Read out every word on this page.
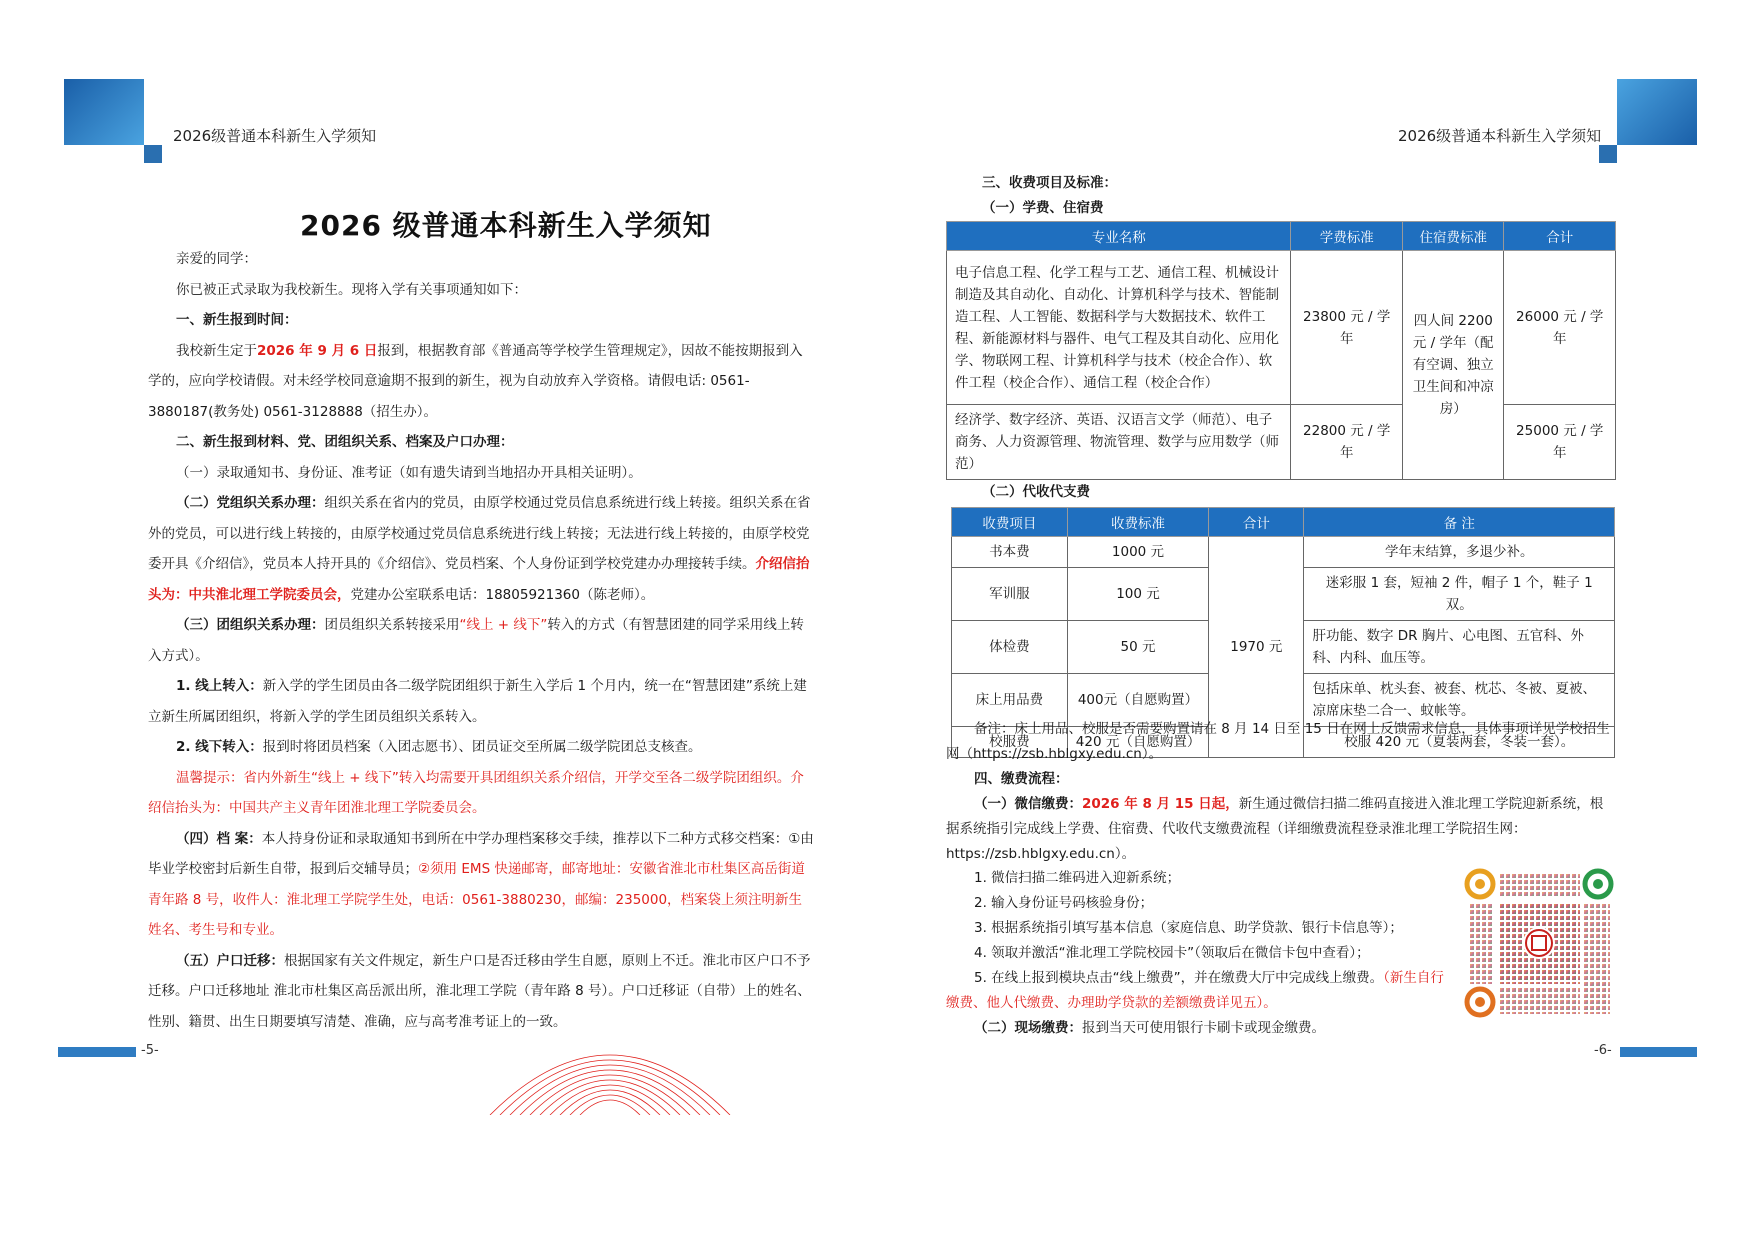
2026级普通本科新生入学须知	2026级普通本科新生入学须知
2026 级普通本科新生入学须知

亲爱的同学：

你已被正式录取为我校新生。现将入学有关事项通知如下：

一、新生报到时间：

我校新生定于2026 年 9 月 6 日报到，根据教育部《普通高等学校学生管理规定》，因故不能按期报到入学的，应向学校请假。对未经学校同意逾期不报到的新生，视为自动放弃入学资格。请假电话: 0561-3880187(教务处) 0561-3128888（招生办）。

二、新生报到材料、党、团组织关系、档案及户口办理：

（一）录取通知书、身份证、准考证（如有遗失请到当地招办开具相关证明）。

（二）党组织关系办理：组织关系在省内的党员，由原学校通过党员信息系统进行线上转接。组织关系在省外的党员，可以进行线上转接的，由原学校通过党员信息系统进行线上转接；无法进行线上转接的，由原学校党委开具《介绍信》，党员本人持开具的《介绍信》、党员档案、个人身份证到学校党建办办理接转手续。介绍信抬头为：中共淮北理工学院委员会，党建办公室联系电话：18805921360（陈老师）。

（三）团组织关系办理：团员组织关系转接采用“线上 + 线下”转入的方式（有智慧团建的同学采用线上转入方式）。

1. 线上转入：新入学的学生团员由各二级学院团组织于新生入学后 1 个月内，统一在“智慧团建”系统上建立新生所属团组织，将新入学的学生团员组织关系转入。

2. 线下转入：报到时将团员档案（入团志愿书）、团员证交至所属二级学院团总支核查。

温馨提示：省内外新生“线上 + 线下”转入均需要开具团组织关系介绍信，开学交至各二级学院团组织。介绍信抬头为：中国共产主义青年团淮北理工学院委员会。

（四）档 案：本人持身份证和录取通知书到所在中学办理档案移交手续，推荐以下二种方式移交档案：①由毕业学校密封后新生自带，报到后交辅导员；②须用 EMS 快递邮寄，邮寄地址：安徽省淮北市杜集区高岳街道青年路 8 号，收件人：淮北理工学院学生处，电话：0561-3880230，邮编：235000，档案袋上须注明新生姓名、考生号和专业。

（五）户口迁移：根据国家有关文件规定，新生户口是否迁移由学生自愿，原则上不迁。淮北市区户口不予迁移。户口迁移地址 淮北市杜集区高岳派出所，淮北理工学院（青年路 8 号）。户口迁移证（自带）上的姓名、性别、籍贯、出生日期要填写清楚、准确，应与高考准考证上的一致。

-5-
三、收费项目及标准：
（一）学费、住宿费
专业名称	学费标准	住宿费标准	合计
电子信息工程、化学工程与工艺、通信工程、机械设计制造及其自动化、自动化、计算机科学与技术、智能制造工程、人工智能、数据科学与大数据技术、软件工程、新能源材料与器件、电气工程及其自动化、应用化学、物联网工程、计算机科学与技术（校企合作）、软件工程（校企合作）、通信工程（校企合作）	23800 元 / 学年	四人间 2200 元 / 学年（配有空调、独立卫生间和冲凉房）	26000 元 / 学年
经济学、数字经济、英语、汉语言文学（师范）、电子商务、人力资源管理、物流管理、数学与应用数学（师范）	22800 元 / 学年		25000 元 / 学年
（二）代收代支费
收费项目	收费标准	合计	备 注
书本费	1000 元	1970 元	学年末结算，多退少补。
军训服	100 元		迷彩服 1 套，短袖 2 件，帽子 1 个，鞋子 1 双。
体检费	50 元		肝功能、数字 DR 胸片、心电图、五官科、外科、内科、血压等。
床上用品费	400元（自愿购置）		包括床单、枕头套、被套、枕芯、冬被、夏被、凉席床垫二合一、蚊帐等。
校服费	420 元（自愿购置）		校服 420 元（夏装两套，冬装一套）。

备注：床上用品、校服是否需要购置请在 8 月 14 日至 15 日在网上反馈需求信息，具体事项详见学校招生网（https://zsb.hblgxy.edu.cn）。

四、缴费流程：

（一）微信缴费：2026 年 8 月 15 日起，新生通过微信扫描二维码直接进入淮北理工学院迎新系统，根据系统指引完成线上学费、住宿费、代收代支缴费流程（详细缴费流程登录淮北理工学院招生网：https://zsb.hblgxy.edu.cn）。

1. 微信扫描二维码进入迎新系统；

2. 输入身份证号码核验身份；

3. 根据系统指引填写基本信息（家庭信息、助学贷款、银行卡信息等）；

4. 领取并激活“淮北理工学院校园卡”（领取后在微信卡包中查看）；

5. 在线上报到模块点击“线上缴费”，并在缴费大厅中完成线上缴费。（新生自行缴费、他人代缴费、办理助学贷款的差额缴费详见五）。

（二）现场缴费：报到当天可使用银行卡刷卡或现金缴费。

-6-
